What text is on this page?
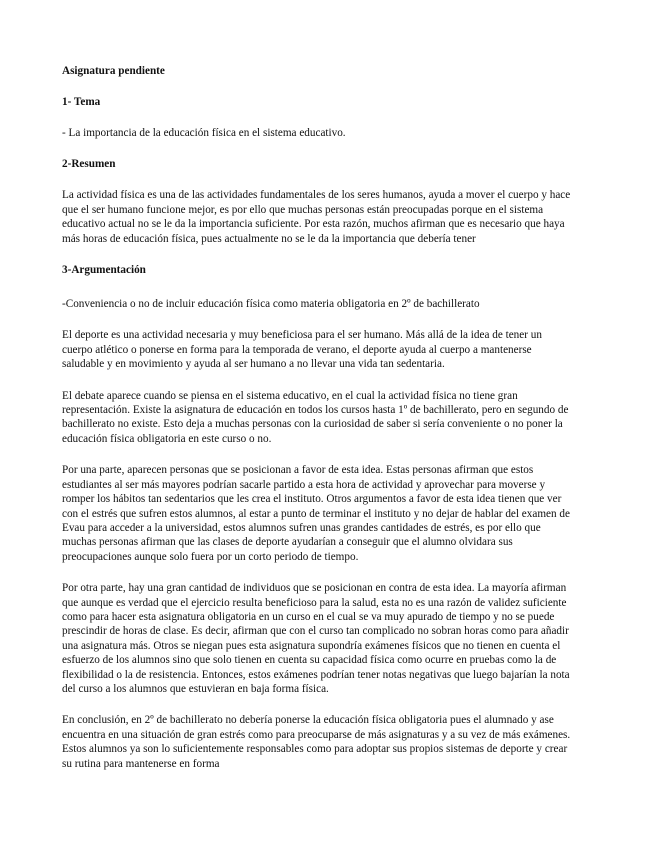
Asignatura pendiente
1- Tema

- La importancia de la educación física en el sistema educativo.

2-Resumen

La actividad física es una de las actividades fundamentales de los seres humanos, ayuda a mover el cuerpo y hace que el ser humano funcione mejor, es por ello que muchas personas están preocupadas porque en el sistema educativo actual no se le da la importancia suficiente. Por esta razón, muchos afirman que es necesario que haya más horas de educación física, pues actualmente no se le da la importancia que debería tener

3-Argumentación

-Conveniencia o no de incluir educación física como materia obligatoria en 2º de bachillerato

El deporte es una actividad necesaria y muy beneficiosa para el ser humano. Más allá de la idea de tener un cuerpo atlético o ponerse en forma para la temporada de verano, el deporte ayuda al cuerpo a mantenerse saludable y en movimiento y ayuda al ser humano a no llevar una vida tan sedentaria.

El debate aparece cuando se piensa en el sistema educativo, en el cual la actividad física no tiene gran representación. Existe la asignatura de educación en todos los cursos hasta 1º de bachillerato, pero en segundo de bachillerato no existe. Esto deja a muchas personas con la curiosidad de saber si sería conveniente o no poner la educación física obligatoria en este curso o no.

Por una parte, aparecen personas que se posicionan a favor de esta idea. Estas personas afirman que estos estudiantes al ser más mayores podrían sacarle partido a esta hora de actividad y aprovechar para moverse y romper los hábitos tan sedentarios que les crea el instituto. Otros argumentos a favor de esta idea tienen que ver con el estrés que sufren estos alumnos, al estar a punto de terminar el instituto y no dejar de hablar del examen de Evau para acceder a la universidad, estos alumnos sufren unas grandes cantidades de estrés, es por ello que muchas personas afirman que las clases de deporte ayudarían a conseguir que el alumno olvidara sus preocupaciones aunque solo fuera por un corto periodo de tiempo.

Por otra parte, hay una gran cantidad de individuos que se posicionan en contra de esta idea. La mayoría afirman que aunque es verdad que el ejercicio resulta beneficioso para la salud, esta no es una razón de validez suficiente como para hacer esta asignatura obligatoria en un curso en el cual se va muy apurado de tiempo y no se puede prescindir de horas de clase. Es decir, afirman que con el curso tan complicado no sobran horas como para añadir una asignatura más. Otros se niegan pues esta asignatura supondría exámenes físicos que no tienen en cuenta el esfuerzo de los alumnos sino que solo tienen en cuenta su capacidad física como ocurre en pruebas como la de flexibilidad o la de resistencia. Entonces, estos exámenes podrían tener notas negativas que luego bajarían la nota del curso a los alumnos que estuvieran en baja forma física.

En conclusión, en 2º de bachillerato no debería ponerse la educación física obligatoria pues el alumnado y ase encuentra en una situación de gran estrés como para preocuparse de más asignaturas y a su vez de más exámenes. Estos alumnos ya son lo suficientemente responsables como para adoptar sus propios sistemas de deporte y crear su rutina para mantenerse en forma
